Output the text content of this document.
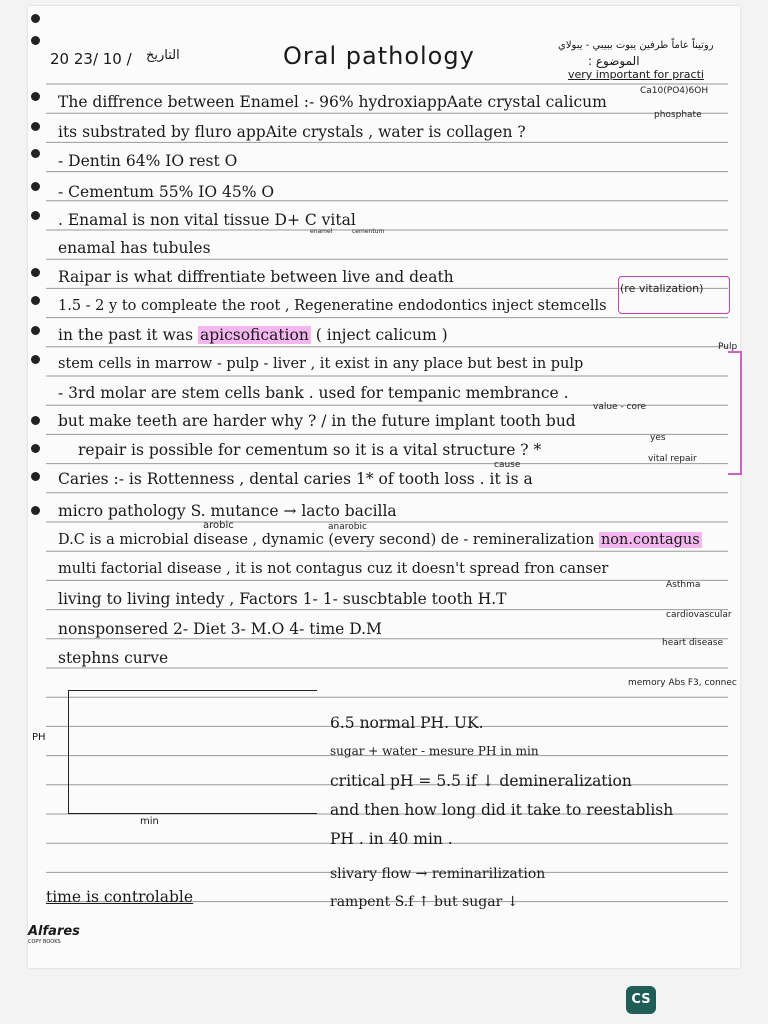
20 23/ 10 / التاريخ	Oral pathology	روتيناً عاماً طرفين يبوت ببيبي - يبولاي
: الموضوع
very important for practi
The diffrence between Enamel :- 96% hydroxiappAate crystal calicum
its substrated by fluro appAite crystals , water is collagen ?
- Dentin 64% IO rest O
- Cementum 55% IO 45% O
. Enamal is non vital tissue D+ C vital
enamal has tubules
Raipar is what diffrentiate between live and death
1.5 - 2 y to compleate the root , Regeneratine endodontics inject stemcells
in the past it was apicsofication ( inject calicum )
stem cells in marrow - pulp - liver , it exist in any place but best in pulp
- 3rd molar are stem cells bank . used for tempanic membrance .
but make teeth are harder why ? / in the future implant tooth bud
repair is possible for cementum so it is a vital structure ? *
Caries :- is Rottenness , dental caries 1* of tooth loss . it is a
micro pathology S. mutance → lacto bacilla
D.C is a microbial disease , dynamic (every second) de - remineralization non.contagus
multi factorial disease , it is not contagus cuz it doesn't spread fron canser
living to living intedy , Factors 1- 1- suscbtable tooth H.T
nonsponsered 2- Diet 3- M.O 4- time D.M
stephns curve
Ca10(PO4)6OH
phosphate
(re vitalization)
Pulp
value - core
yes
vital repair
cause
arobic	anarobic
enamel	cementum
Asthma
cardiovascular
heart disease
memory Abs F3, connec
PH
min
6.5 normal PH. UK.
sugar + water - mesure PH in min
critical pH = 5.5 if ↓ demineralization
and then how long did it take to reestablish
PH . in 40 min .
slivary flow → reminarilization
rampent S.f ↑ but sugar ↓
time is controlable
Alfares
COPY BOOKS
CS
